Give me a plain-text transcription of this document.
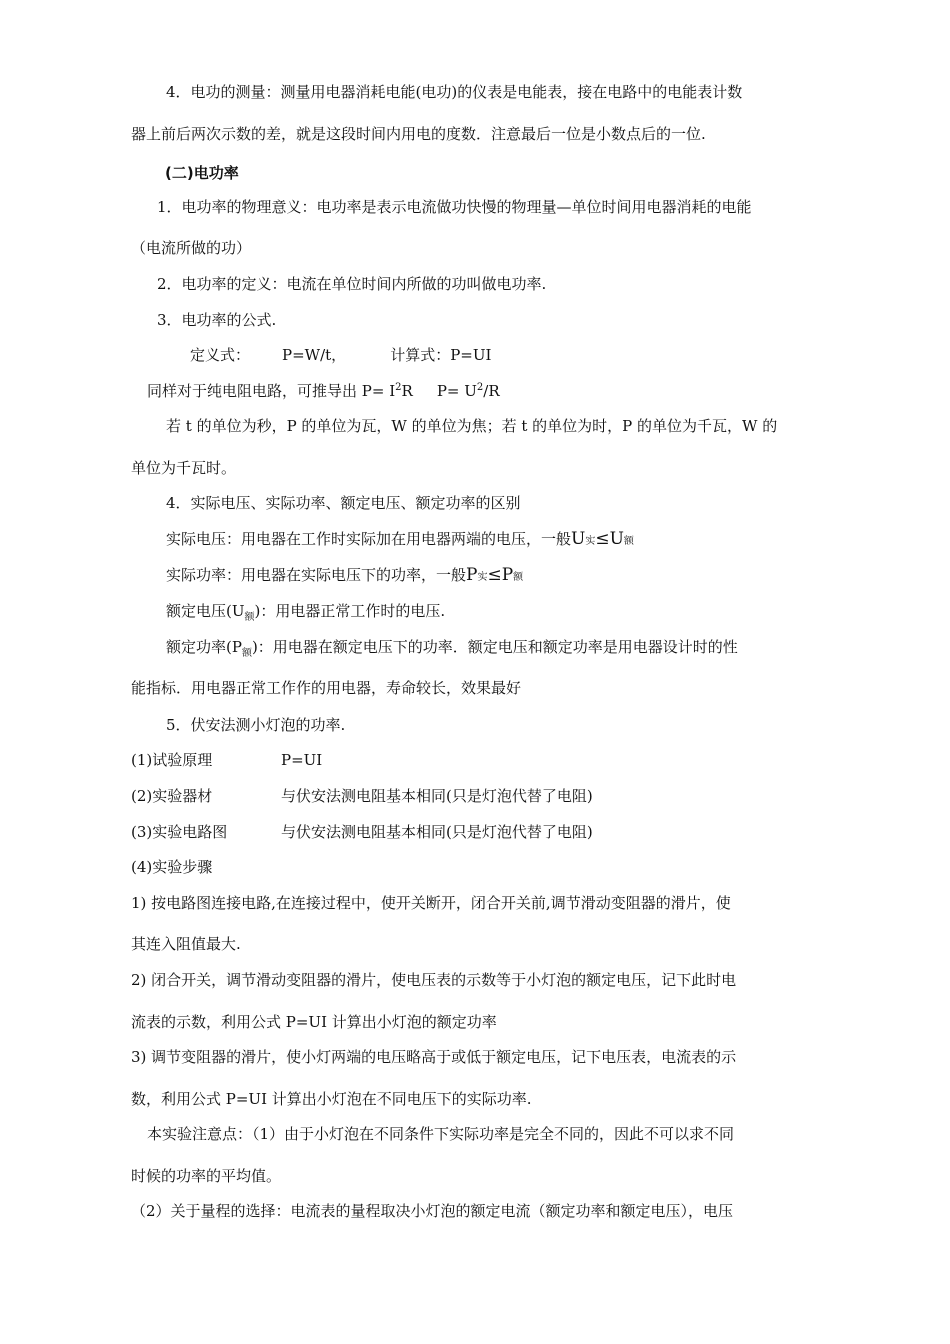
4．电功的测量：测量用电器消耗电能(电功)的仪表是电能表，接在电路中的电能表计数
器上前后两次示数的差，就是这段时间内用电的度数．注意最后一位是小数点后的一位.
(二)电功率
1．电功率的物理意义：电功率是表示电流做功快慢的物理量—单位时间用电器消耗的电能
（电流所做的功）
2．电功率的定义：电流在单位时间内所做的功叫做电功率.
3．电功率的公式.
定义式： P=W/t，	计算式：P=UI
同样对于纯电阻电路，可推导出 $P= I^2R$ $P= U^2/R$
若 t 的单位为秒，P 的单位为瓦，W 的单位为焦；若 t 的单位为时，P 的单位为千瓦，W 的
单位为千瓦时。
4．实际电压、实际功率、额定电压、额定功率的区别
实际电压：用电器在工作时实际加在用电器两端的电压，一般U实≤U额
实际功率：用电器在实际电压下的功率，一般P实≤P额
额定电压$(U_额)$：用电器正常工作时的电压.
额定功率$(P_额)$：用电器在额定电压下的功率．额定电压和额定功率是用电器设计时的性
能指标．用电器正常工作作的用电器，寿命较长，效果最好
5．伏安法测小灯泡的功率.
(1)试验原理	P=UI
(2)实验器材	与伏安法测电阻基本相同(只是灯泡代替了电阻)
(3)实验电路图	与伏安法测电阻基本相同(只是灯泡代替了电阻)
(4)实验步骤
1) 按电路图连接电路,在连接过程中，使开关断开，闭合开关前,调节滑动变阻器的滑片，使
其连入阻值最大.
2) 闭合开关，调节滑动变阻器的滑片，使电压表的示数等于小灯泡的额定电压，记下此时电
流表的示数，利用公式 P=UI 计算出小灯泡的额定功率
3) 调节变阻器的滑片，使小灯两端的电压略高于或低于额定电压，记下电压表，电流表的示
数，利用公式 P=UI 计算出小灯泡在不同电压下的实际功率.
本实验注意点：（1）由于小灯泡在不同条件下实际功率是完全不同的，因此不可以求不同
时候的功率的平均值。
（2）关于量程的选择：电流表的量程取决小灯泡的额定电流（额定功率和额定电压），电压
